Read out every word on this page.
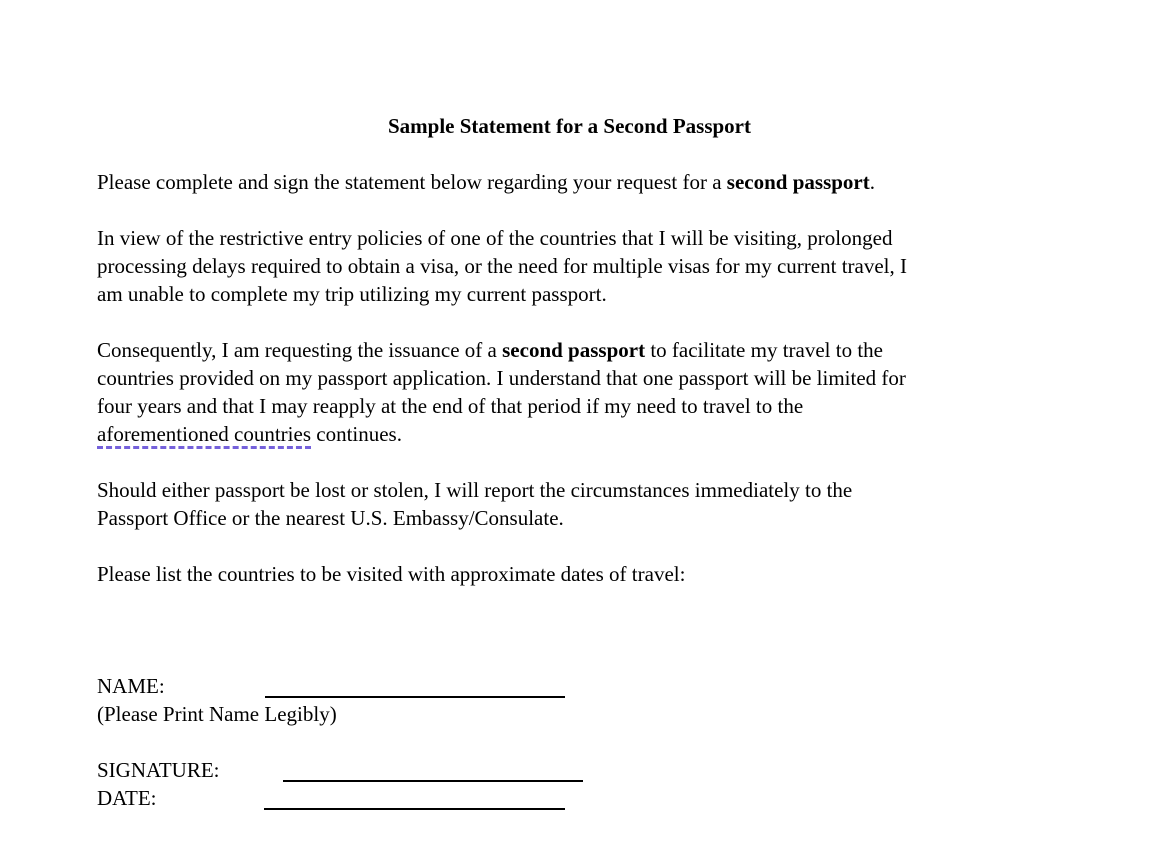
Sample Statement for a Second Passport
Please complete and sign the statement below regarding your request for a second passport.
In view of the restrictive entry policies of one of the countries that I will be visiting, prolonged
processing delays required to obtain a visa, or the need for multiple visas for my current travel, I
am unable to complete my trip utilizing my current passport.
Consequently, I am requesting the issuance of a second passport to facilitate my travel to the
countries provided on my passport application. I understand that one passport will be limited for
four years and that I may reapply at the end of that period if my need to travel to the
aforementioned countries continues.
Should either passport be lost or stolen, I will report the circumstances immediately to the
Passport Office or the nearest U.S. Embassy/Consulate.
Please list the countries to be visited with approximate dates of travel:
NAME:
(Please Print Name Legibly)
SIGNATURE:
DATE:
